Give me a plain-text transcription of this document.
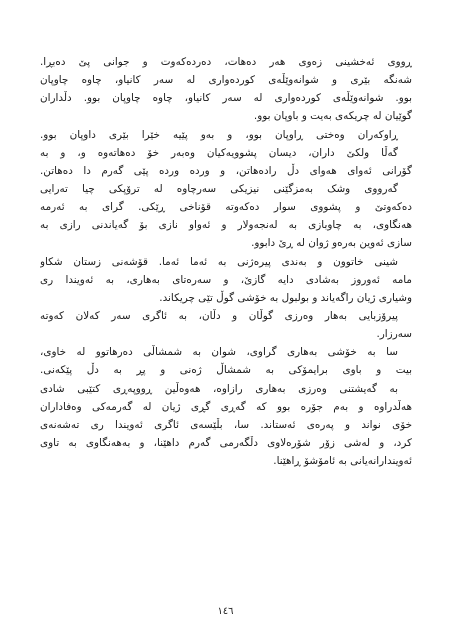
ڕووی ئەخشینی زەوی هەر دەهات، دەردەکەوت و جوانی پێ دەبڕا.
شەنگە بێری و شوانەوێڵەی کوردەواری لە سەر کانیاو، چاوە چاوپان
بوو. شوانەوێڵەی کوردەواری لە سەر کانیاو، چاوە چاوپان بوو. دڵداران
گوێیان لە چریکەی بەیت و باوپان بوو.
ڕاوکەران وەختی ڕاوپان بوو، و بەو پێیە خێرا بێری داوپان بوو.
گەڵا ولکێ داران، دیسان پشوویەکیان وەبەر خۆ دەهاتەوە و، و بە
گۆرانی ئەوای هەوای دڵ رادەهاتن، و ورده ورده پێی گەرم دا دەهاتن.
گەرووی وشک بەمزگێنی نیزیکی سەرچاوە لە ترۆپکی چیا تەرایی
دەکەوتێ و پشووی سوار دەکەوتە قۆناخی ڕێکی. گرای بە ئەرمە
هەنگاوی، بە چاوبازی بە لەنجەولار و ئەواو نازی بۆ گەیاندنی رازی بە
سازی ئەوین بەرەو ژوان لە ڕێ دابوو.
شینی خاتوون و بەندی پیرەژنی بە ئەما ئەما. قۆشەنی زستان شکاو
مامە ئەوروز بەشادی دایە گازێ، و سەرەتای بەهاری، بە ئەویندا ری
وشیاری ژیان راگەیاند و بولبول بە خۆشی گوڵ تێی چریکاند.
پیرۆزبایی بەهار وەرزی گوڵان و دڵان، بە ئاگری سەر کەلان کەوتە
سەرزار.
سا بە خۆشی بەهاری گراوی، شوان بە شمشاڵی دەرهاتوو لە خاوی،
بیت و باوی برایمۆکی بە شمشاڵ ژەنی و پڕ بە دڵ پێکەنی.
بە گەیشتنی وەرزی بەهاری رازاوە، هەوەڵین ڕووپەڕی کتێبی شادی
هەڵدراوە و بەم جۆرە بوو کە گەڕی گڕی ژیان لە گەرمەکی وەفاداران
خۆی نواند و پەرەی ئەستاند. سا، بڵێسەی ئاگری ئەویندا ری تەشەنەی
کرد، و لەشی زۆر شۆرەلاوی دڵگەرمی گەرم داهێنا، و بەهەنگاوی بە تاوی
ئەویندارانەیانی بە ئامۆشۆ ڕاهێنا.
١٤٦
